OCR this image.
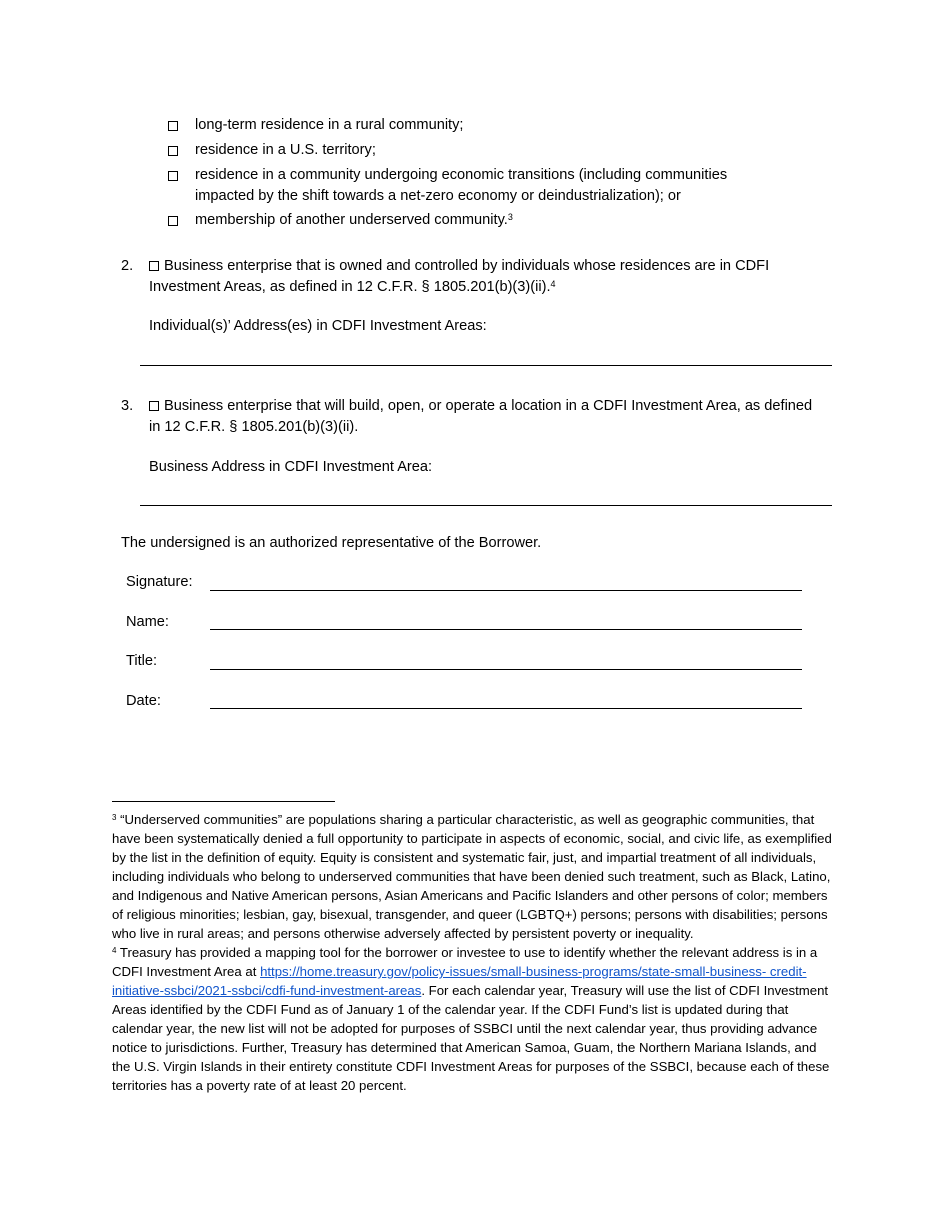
long-term residence in a rural community;
residence in a U.S. territory;
residence in a community undergoing economic transitions (including communities impacted by the shift towards a net-zero economy or deindustrialization); or
membership of another underserved community.$^3$
2.	Business enterprise that is owned and controlled by individuals whose residences are in CDFI Investment Areas, as defined in 12 C.F.R. § 1805.201(b)(3)(ii).$^4$
Individual(s)’ Address(es) in CDFI Investment Areas:
3.	Business enterprise that will build, open, or operate a location in a CDFI Investment Area, as defined in 12 C.F.R. § 1805.201(b)(3)(ii).
Business Address in CDFI Investment Area:
The undersigned is an authorized representative of the Borrower.
Signature:
Name:
Title:
Date:
$^3$ “Underserved communities” are populations sharing a particular characteristic, as well as geographic communities, that have been systematically denied a full opportunity to participate in aspects of economic, social, and civic life, as exemplified by the list in the definition of equity. Equity is consistent and systematic fair, just, and impartial treatment of all individuals, including individuals who belong to underserved communities that have been denied such treatment, such as Black, Latino, and Indigenous and Native American persons, Asian Americans and Pacific Islanders and other persons of color; members of religious minorities; lesbian, gay, bisexual, transgender, and queer (LGBTQ+) persons; persons with disabilities; persons who live in rural areas; and persons otherwise adversely affected by persistent poverty or inequality.
$^4$ Treasury has provided a mapping tool for the borrower or investee to use to identify whether the relevant address is in a CDFI Investment Area at https://home.treasury.gov/policy-issues/small-business-programs/state-small-business- credit-initiative-ssbci/2021-ssbci/cdfi-fund-investment-areas. For each calendar year, Treasury will use the list of CDFI Investment Areas identified by the CDFI Fund as of January 1 of the calendar year. If the CDFI Fund’s list is updated during that calendar year, the new list will not be adopted for purposes of SSBCI until the next calendar year, thus providing advance notice to jurisdictions. Further, Treasury has determined that American Samoa, Guam, the Northern Mariana Islands, and the U.S. Virgin Islands in their entirety constitute CDFI Investment Areas for purposes of the SSBCI, because each of these territories has a poverty rate of at least 20 percent.
